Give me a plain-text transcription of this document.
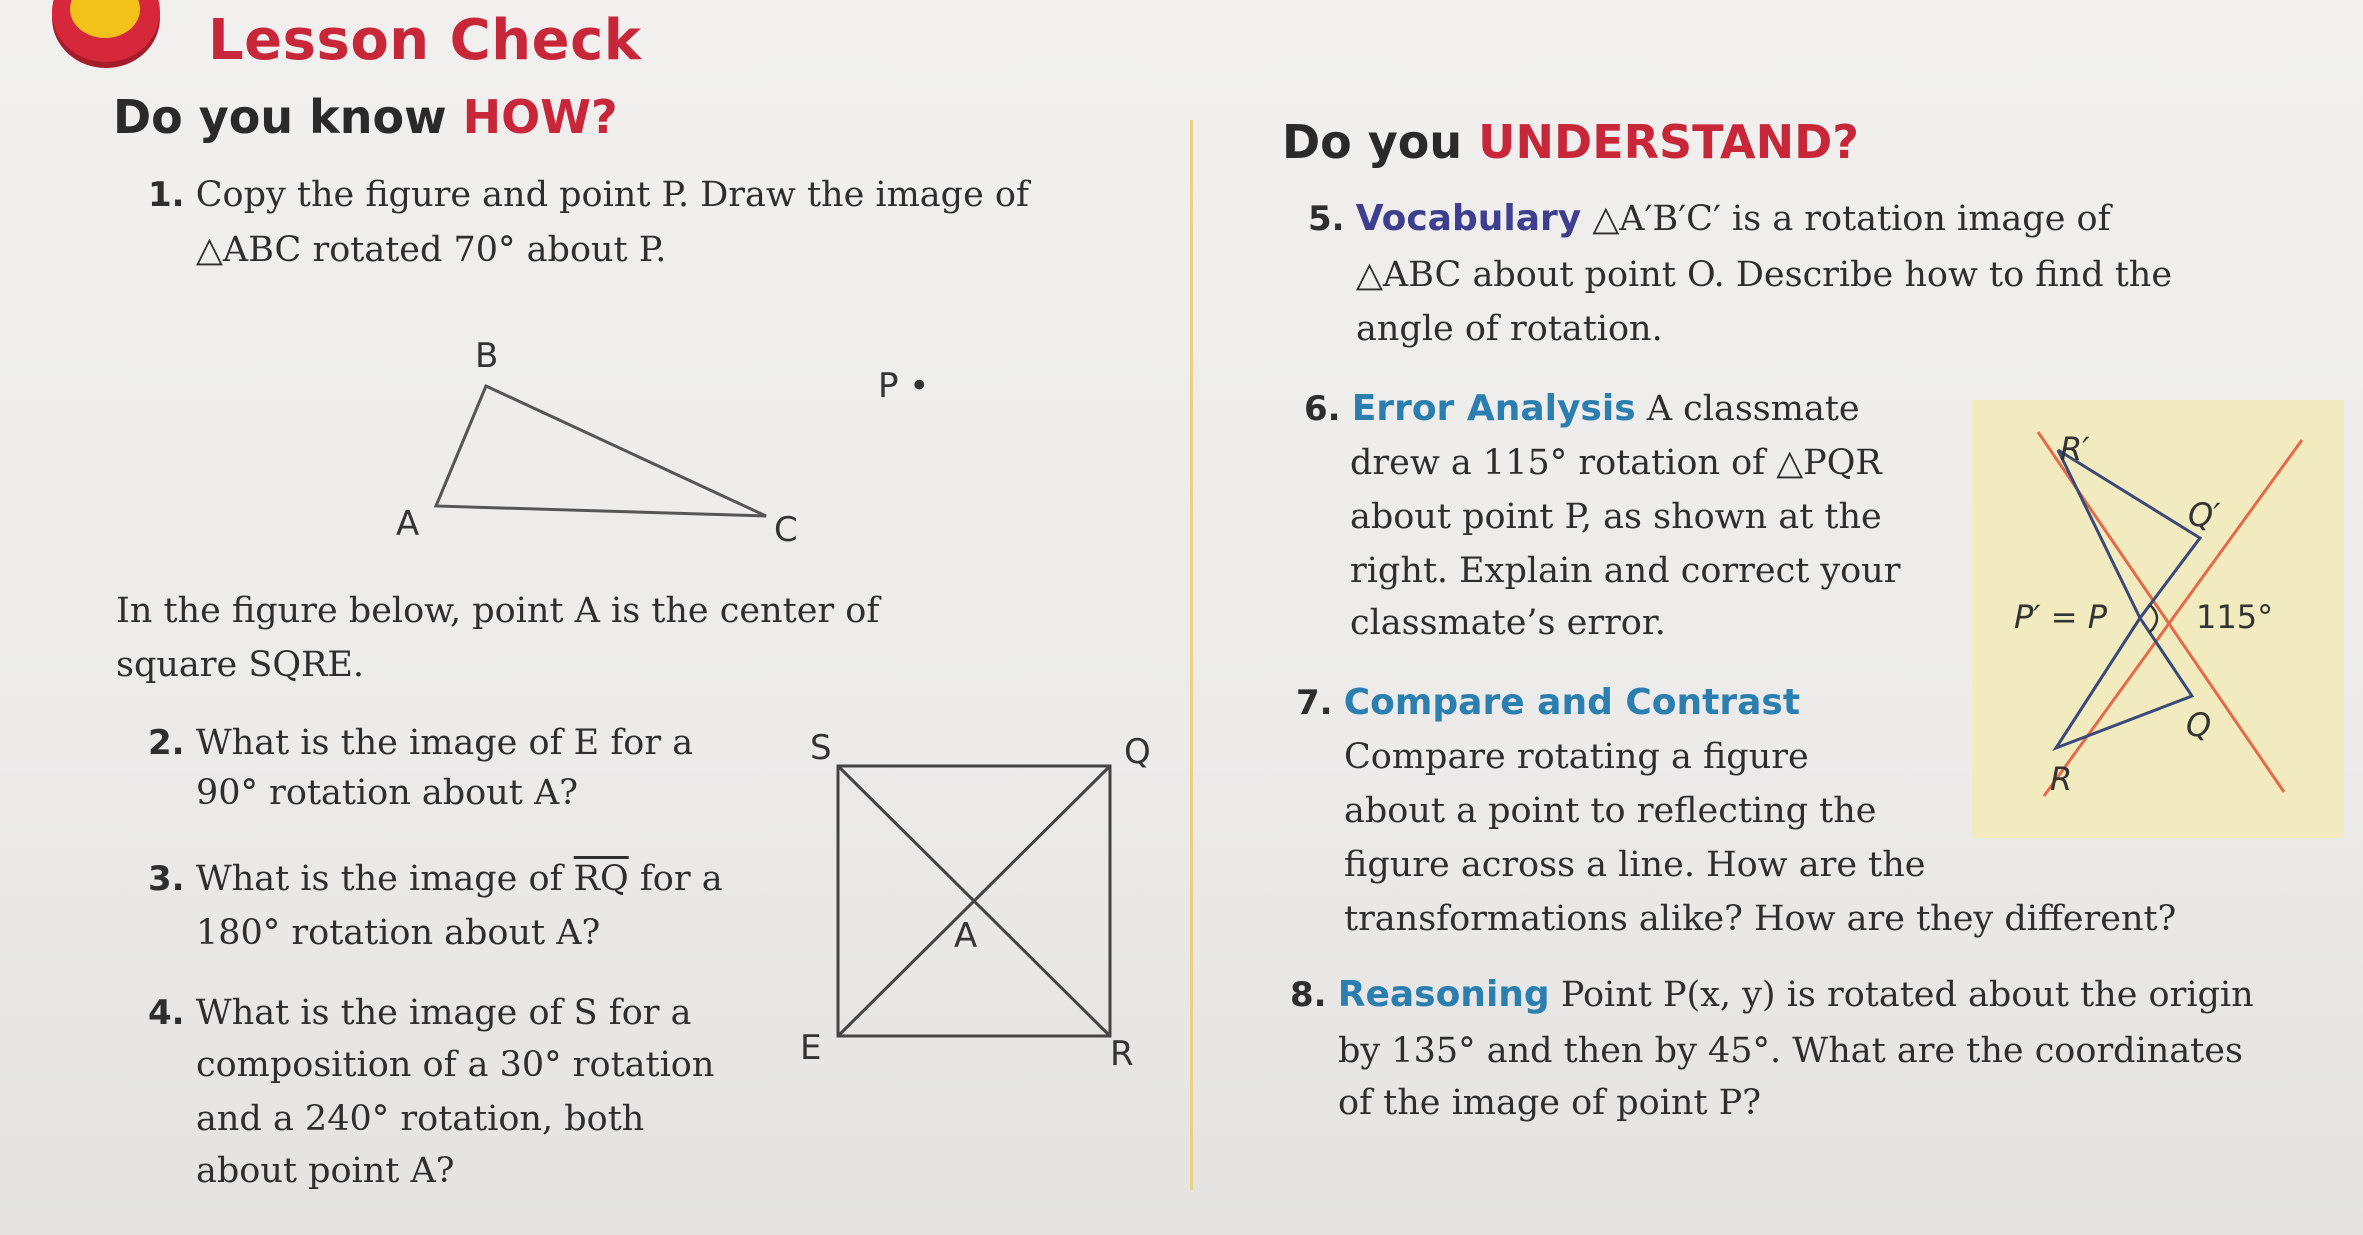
Lesson Check
Do you know HOW?
1. Copy the figure and point P. Draw the image of
△ABC rotated 70° about P.
B
A	C
P •
In the figure below, point A is the center of
square SQRE.
2. What is the image of E for a
90° rotation about A?
3. What is the image of $\overline{RQ}$ for a
180° rotation about A?
4. What is the image of S for a
composition of a 30° rotation
and a 240° rotation, both
about point A?
S	Q
A
E	R
Do you UNDERSTAND?
5. Vocabulary △A′B′C′ is a rotation image of
△ABC about point O. Describe how to find the
angle of rotation.
6. Error Analysis A classmate
drew a 115° rotation of △PQR
about point P, as shown at the
right. Explain and correct your
classmate’s error.
7. Compare and Contrast
Compare rotating a figure
about a point to reflecting the
figure across a line. How are the
transformations alike? How are they different?
8. Reasoning Point P(x, y) is rotated about the origin
by 135° and then by 45°. What are the coordinates
of the image of point P?
R′
Q′
P′ = P	115°
Q
R
